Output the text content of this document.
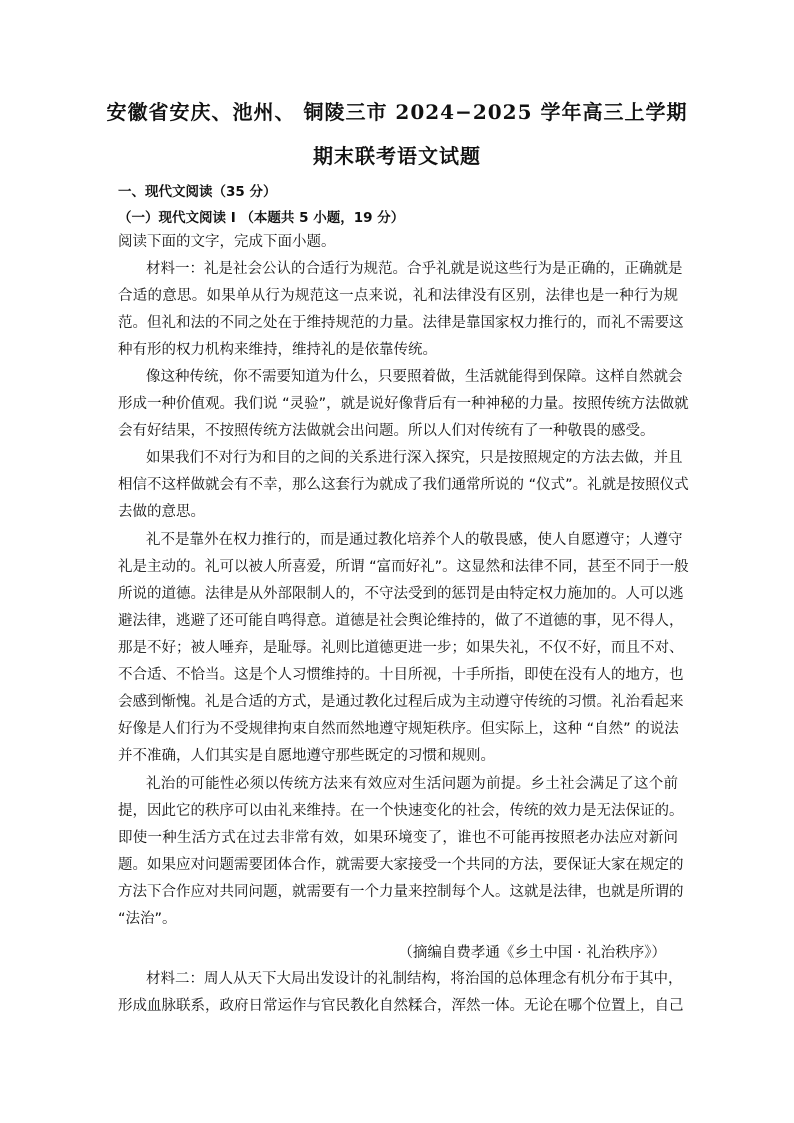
安徽省安庆、池州、 铜陵三市 2024−2025 学年高三上学期
期末联考语文试题
一、现代文阅读（35 分）
（一）现代文阅读 I （本题共 5 小题，19 分）
阅读下面的文字，完成下面小题。
材料一：礼是社会公认的合适行为规范。合乎礼就是说这些行为是正确的，正确就是
合适的意思。如果单从行为规范这一点来说，礼和法律没有区别，法律也是一种行为规
范。但礼和法的不同之处在于维持规范的力量。法律是靠国家权力推行的，而礼不需要这
种有形的权力机构来维持，维持礼的是依靠传统。
像这种传统，你不需要知道为什么，只要照着做，生活就能得到保障。这样自然就会
形成一种价值观。我们说 “灵验”，就是说好像背后有一种神秘的力量。按照传统方法做就
会有好结果，不按照传统方法做就会出问题。所以人们对传统有了一种敬畏的感受。
如果我们不对行为和目的之间的关系进行深入探究，只是按照规定的方法去做，并且
相信不这样做就会有不幸，那么这套行为就成了我们通常所说的 “仪式”。礼就是按照仪式
去做的意思。
礼不是靠外在权力推行的，而是通过教化培养个人的敬畏感，使人自愿遵守；人遵守
礼是主动的。礼可以被人所喜爱，所谓 “富而好礼”。这显然和法律不同，甚至不同于一般
所说的道德。法律是从外部限制人的，不守法受到的惩罚是由特定权力施加的。人可以逃
避法律，逃避了还可能自鸣得意。道德是社会舆论维持的，做了不道德的事，见不得人，
那是不好；被人唾弃，是耻辱。礼则比道德更进一步；如果失礼，不仅不好，而且不对、
不合适、不恰当。这是个人习惯维持的。十目所视，十手所指，即使在没有人的地方，也
会感到惭愧。礼是合适的方式，是通过教化过程后成为主动遵守传统的习惯。礼治看起来
好像是人们行为不受规律拘束自然而然地遵守规矩秩序。但实际上，这种 “自然” 的说法
并不准确，人们其实是自愿地遵守那些既定的习惯和规则。
礼治的可能性必须以传统方法来有效应对生活问题为前提。乡土社会满足了这个前
提，因此它的秩序可以由礼来维持。在一个快速变化的社会，传统的效力是无法保证的。
即使一种生活方式在过去非常有效，如果环境变了，谁也不可能再按照老办法应对新问
题。如果应对问题需要团体合作，就需要大家接受一个共同的方法，要保证大家在规定的
方法下合作应对共同问题，就需要有一个力量来控制每个人。这就是法律，也就是所谓的
“法治”。
（摘编自费孝通《乡土中国 · 礼治秩序》）
材料二：周人从天下大局出发设计的礼制结构，将治国的总体理念有机分布于其中，
形成血脉联系，政府日常运作与官民教化自然糅合，浑然一体。无论在哪个位置上，自己
